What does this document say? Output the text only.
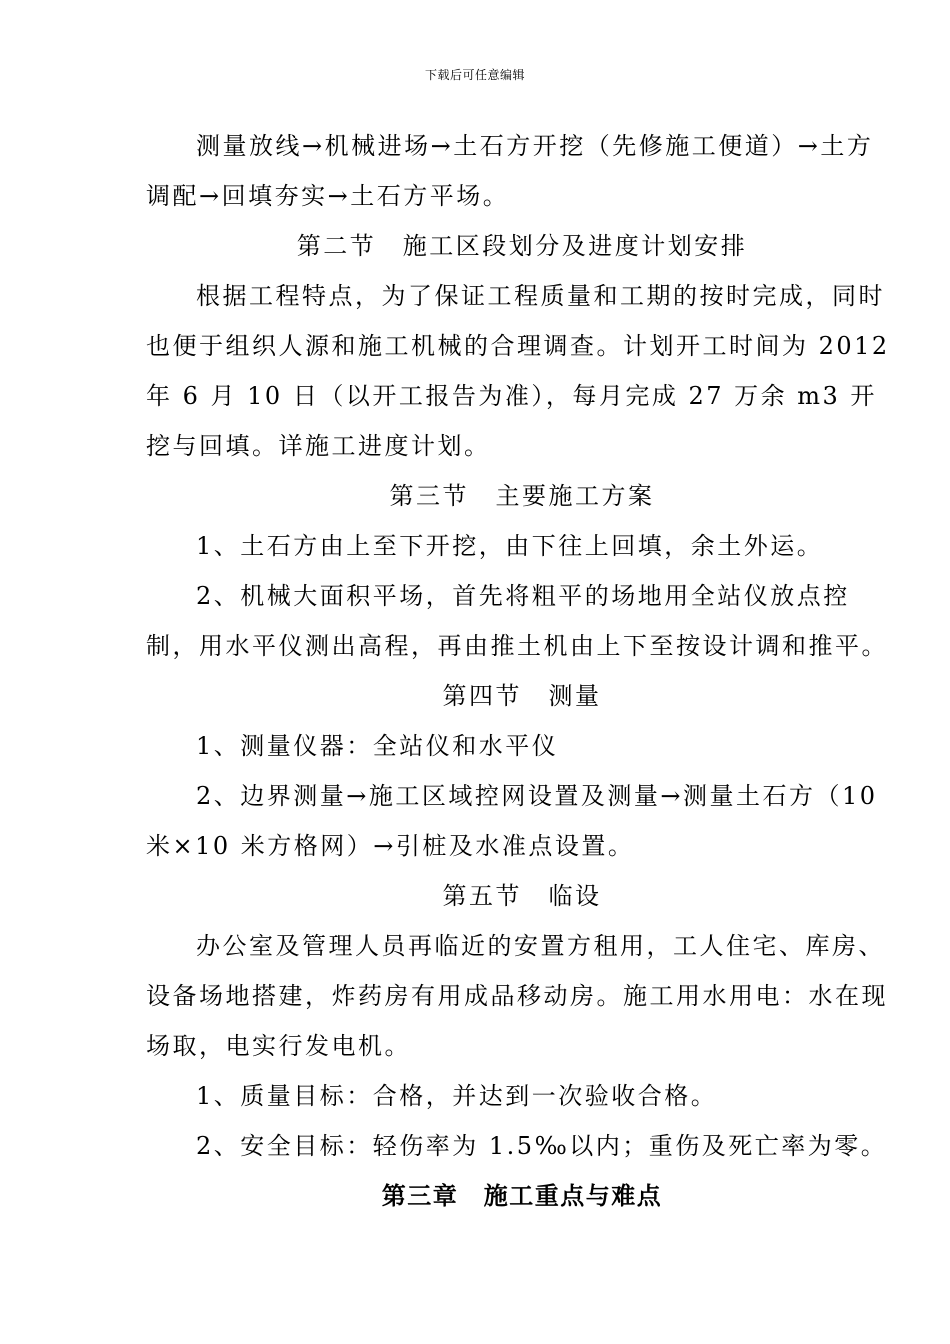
下载后可任意编辑

测量放线→机械进场→土石方开挖（先修施工便道）→土方调配→回填夯实→土石方平场。

第二节　施工区段划分及进度计划安排

根据工程特点，为了保证工程质量和工期的按时完成，同时也便于组织人源和施工机械的合理调查。计划开工时间为 2012 年 6 月 10 日（以开工报告为准），每月完成 27 万余 m3 开挖与回填。详施工进度计划。

第三节　主要施工方案

1、土石方由上至下开挖，由下往上回填，余土外运。

2、机械大面积平场，首先将粗平的场地用全站仪放点控制，用水平仪测出高程，再由推土机由上下至按设计调和推平。

第四节　测量

1、测量仪器：全站仪和水平仪

2、边界测量→施工区域控网设置及测量→测量土石方（10 米×10 米方格网）→引桩及水准点设置。

第五节　临设

办公室及管理人员再临近的安置方租用，工人住宅、库房、设备场地搭建，炸药房有用成品移动房。施工用水用电：水在现场取，电实行发电机。

1、质量目标：合格，并达到一次验收合格。

2、安全目标：轻伤率为 1.5‰以内；重伤及死亡率为零。

第三章　施工重点与难点
